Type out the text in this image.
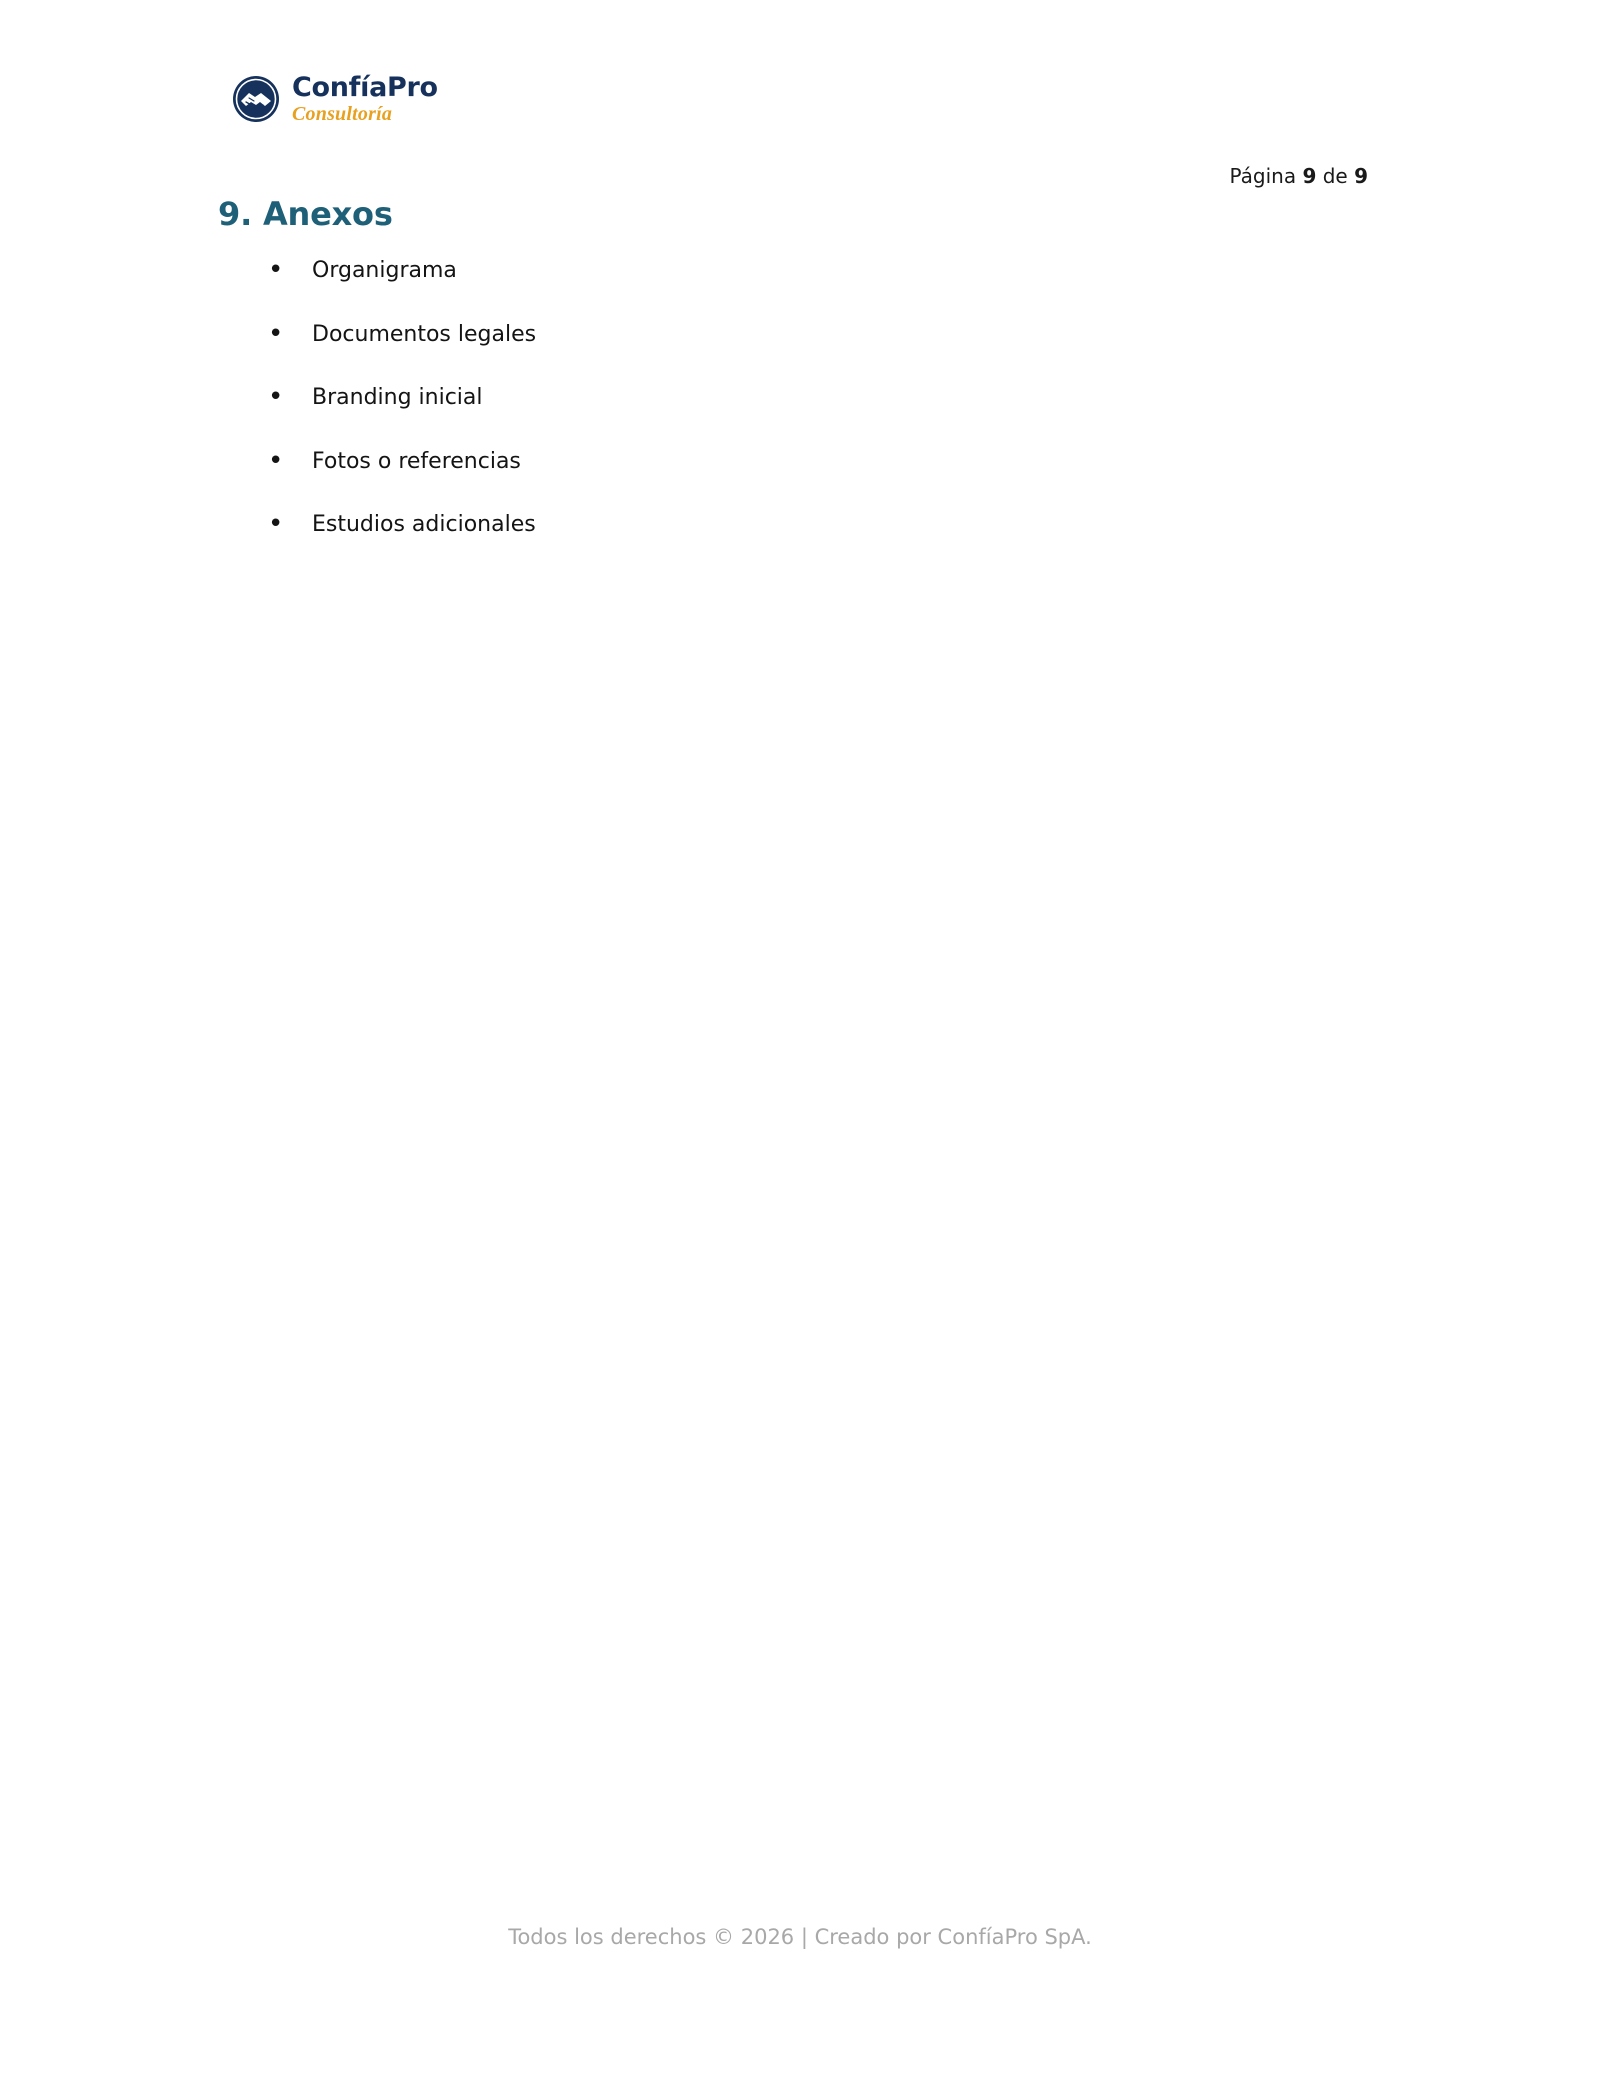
ConfíaPro
Consultoría
Página 9 de 9
9. Anexos
• Organigrama
• Documentos legales
• Branding inicial
• Fotos o referencias
• Estudios adicionales
Todos los derechos © 2026 | Creado por ConfíaPro SpA.
